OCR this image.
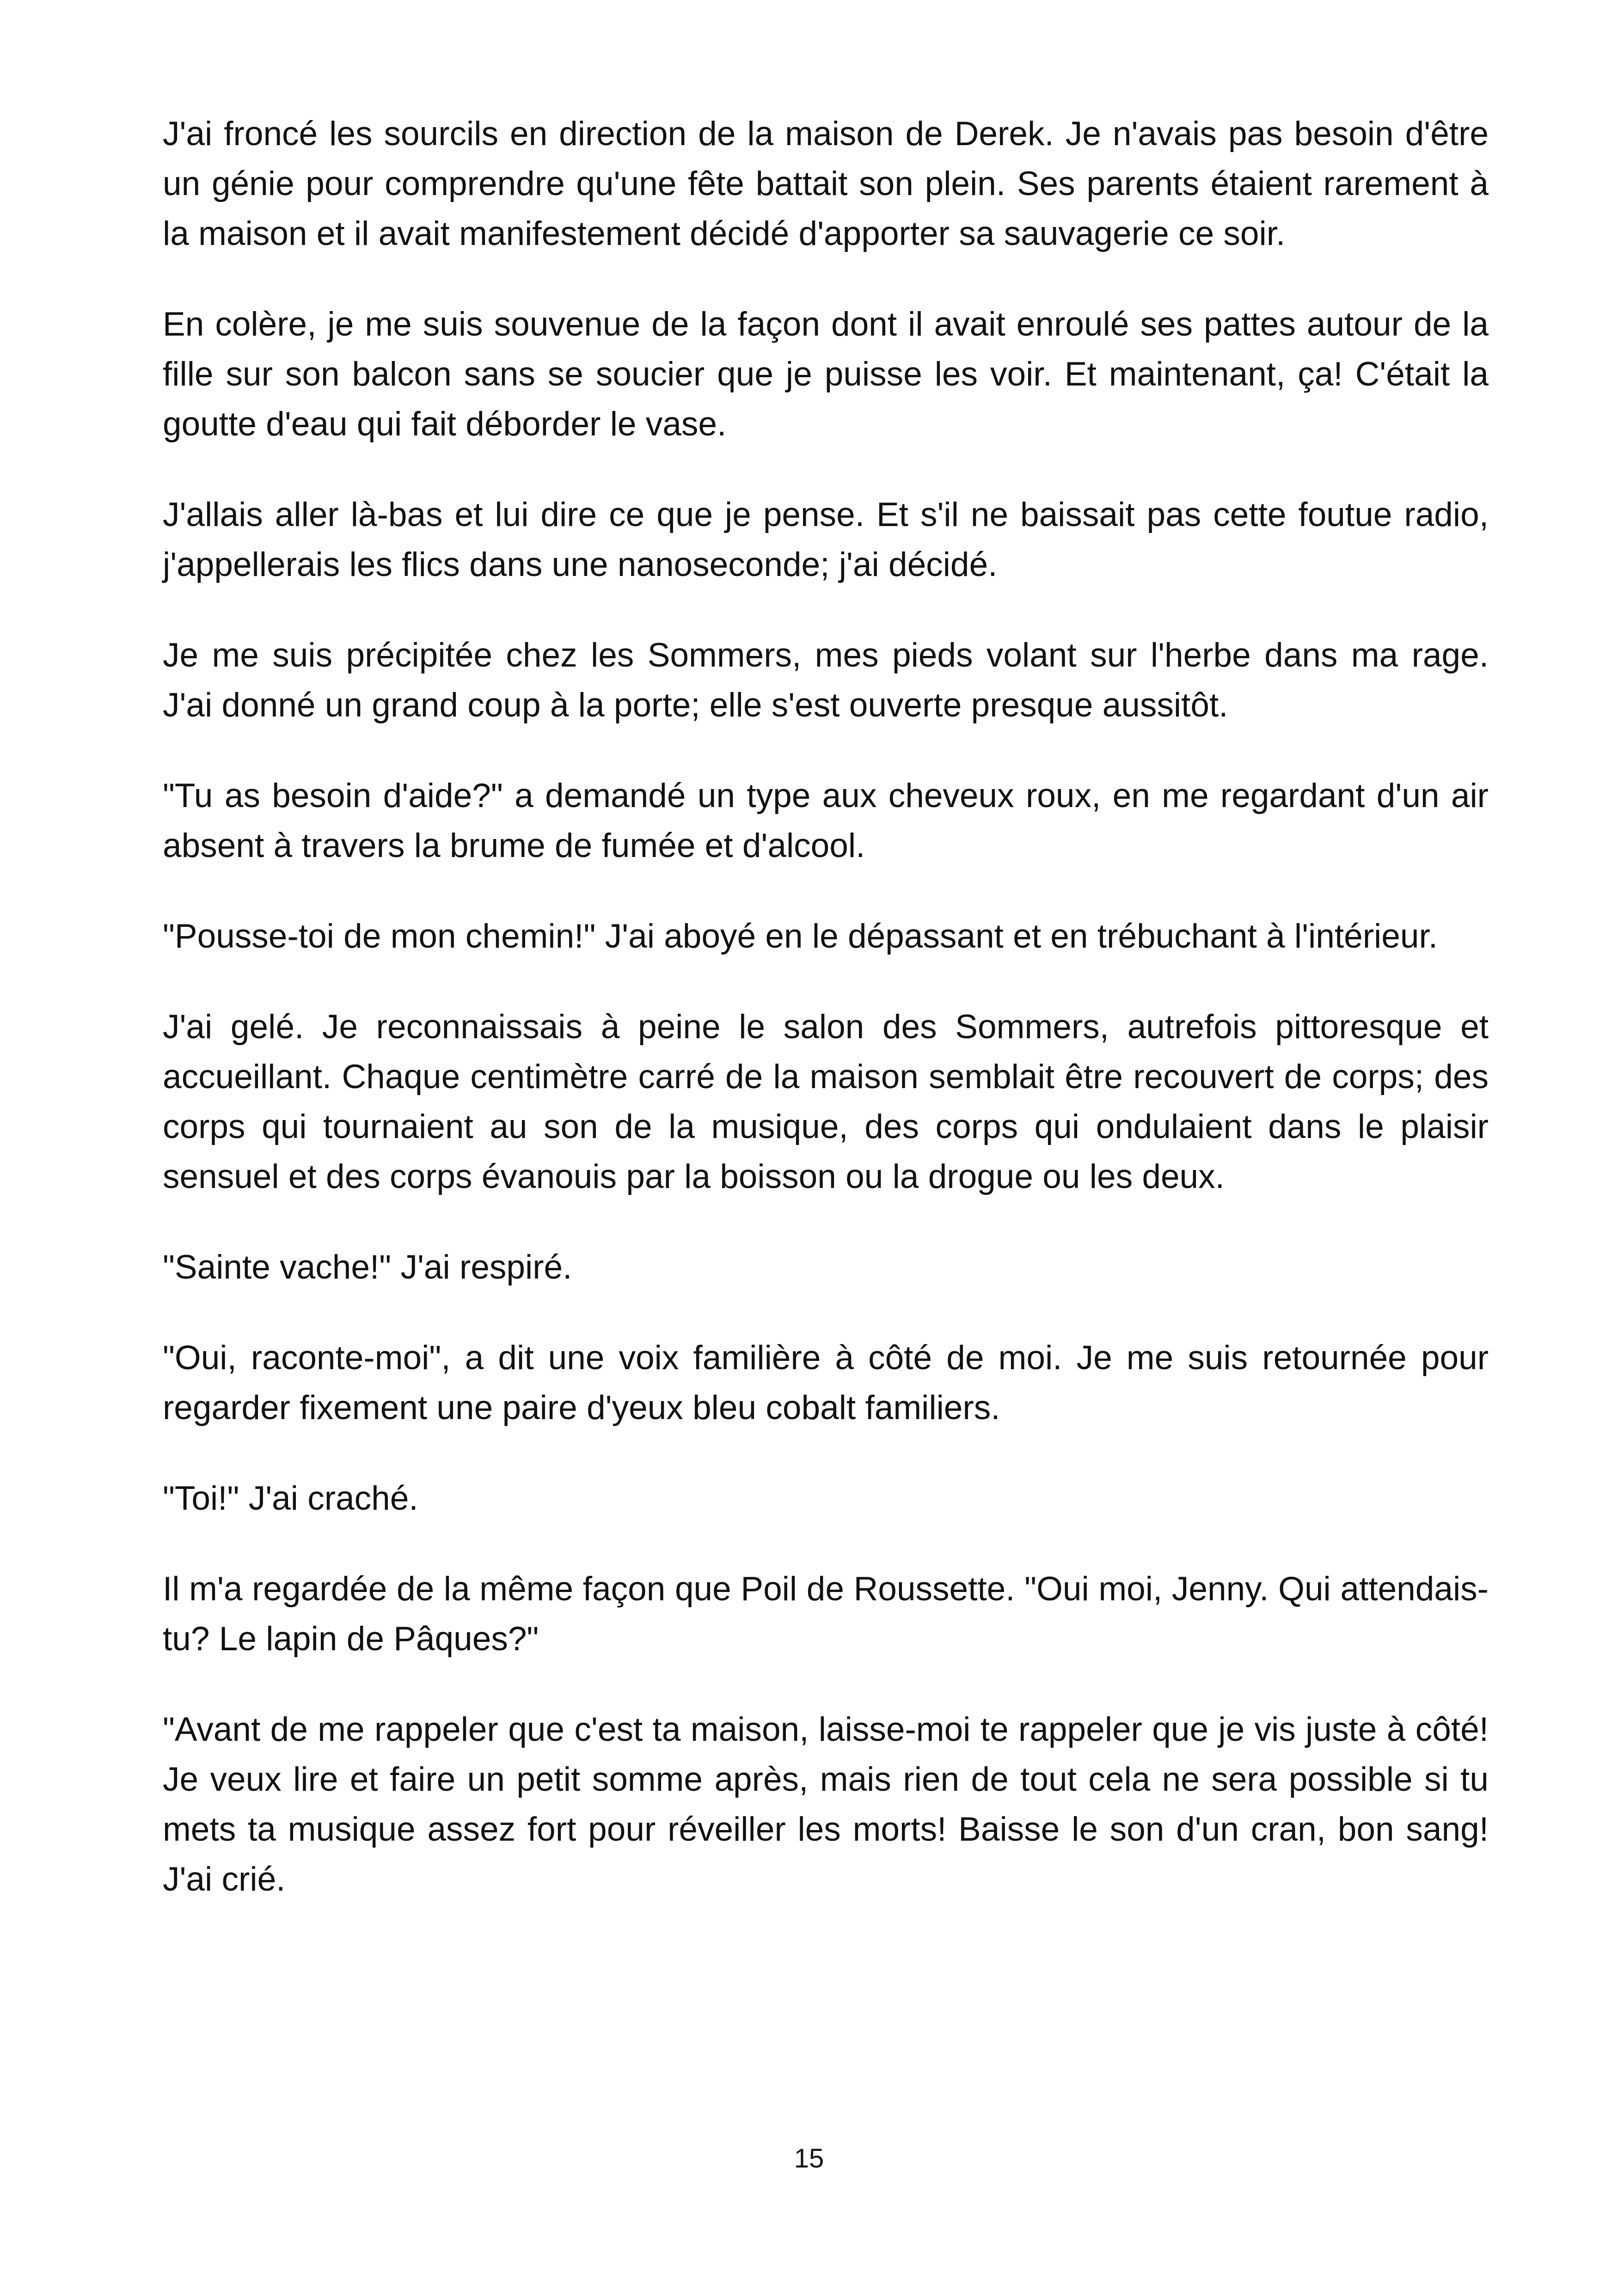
J'ai froncé les sourcils en direction de la maison de Derek. Je n'avais pas besoin d'être un génie pour comprendre qu'une fête battait son plein. Ses parents étaient rarement à la maison et il avait manifestement décidé d'apporter sa sauvagerie ce soir.

En colère, je me suis souvenue de la façon dont il avait enroulé ses pattes autour de la fille sur son balcon sans se soucier que je puisse les voir. Et maintenant, ça! C'était la goutte d'eau qui fait déborder le vase.

J'allais aller là-bas et lui dire ce que je pense. Et s'il ne baissait pas cette foutue radio, j'appellerais les flics dans une nanoseconde; j'ai décidé.

Je me suis précipitée chez les Sommers, mes pieds volant sur l'herbe dans ma rage. J'ai donné un grand coup à la porte; elle s'est ouverte presque aussitôt.

"Tu as besoin d'aide?" a demandé un type aux cheveux roux, en me regardant d'un air absent à travers la brume de fumée et d'alcool.

"Pousse-toi de mon chemin!" J'ai aboyé en le dépassant et en trébuchant à l'intérieur.

J'ai gelé. Je reconnaissais à peine le salon des Sommers, autrefois pittoresque et accueillant. Chaque centimètre carré de la maison semblait être recouvert de corps; des corps qui tournaient au son de la musique, des corps qui ondulaient dans le plaisir sensuel et des corps évanouis par la boisson ou la drogue ou les deux.

"Sainte vache!" J'ai respiré.

"Oui, raconte-moi", a dit une voix familière à côté de moi. Je me suis retournée pour regarder fixement une paire d'yeux bleu cobalt familiers.

"Toi!" J'ai craché.

Il m'a regardée de la même façon que Poil de Roussette. "Oui moi, Jenny. Qui attendais-tu? Le lapin de Pâques?"

"Avant de me rappeler que c'est ta maison, laisse-moi te rappeler que je vis juste à côté! Je veux lire et faire un petit somme après, mais rien de tout cela ne sera possible si tu mets ta musique assez fort pour réveiller les morts! Baisse le son d'un cran, bon sang! J'ai crié.

15
